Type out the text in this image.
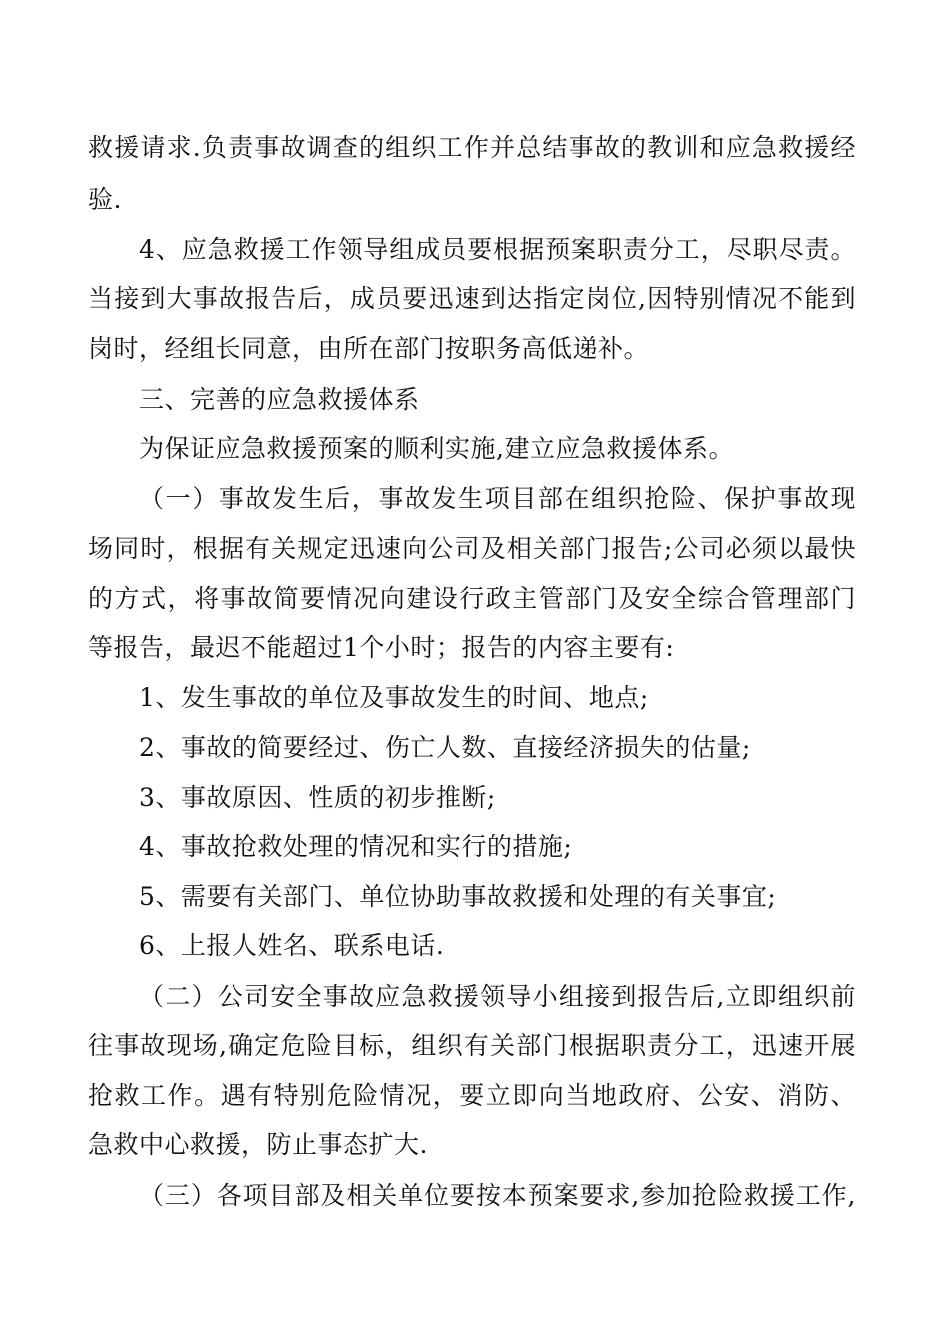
救援请求.负责事故调查的组织工作并总结事故的教训和应急救援经
验.
4、应急救援工作领导组成员要根据预案职责分工，尽职尽责。
当接到大事故报告后，成员要迅速到达指定岗位,因特别情况不能到
岗时，经组长同意，由所在部门按职务高低递补。
三、完善的应急救援体系
为保证应急救援预案的顺利实施,建立应急救援体系。
（一）事故发生后，事故发生项目部在组织抢险、保护事故现
场同时，根据有关规定迅速向公司及相关部门报告;公司必须以最快
的方式，将事故简要情况向建设行政主管部门及安全综合管理部门
等报告，最迟不能超过1个小时；报告的内容主要有:
1、发生事故的单位及事故发生的时间、地点;
2、事故的简要经过、伤亡人数、直接经济损失的估量;
3、事故原因、性质的初步推断;
4、事故抢救处理的情况和实行的措施;
5、需要有关部门、单位协助事故救援和处理的有关事宜;
6、上报人姓名、联系电话.
（二）公司安全事故应急救援领导小组接到报告后,立即组织前
往事故现场,确定危险目标，组织有关部门根据职责分工，迅速开展
抢救工作。遇有特别危险情况，要立即向当地政府、公安、消防、
急救中心救援，防止事态扩大.
（三）各项目部及相关单位要按本预案要求,参加抢险救援工作,
